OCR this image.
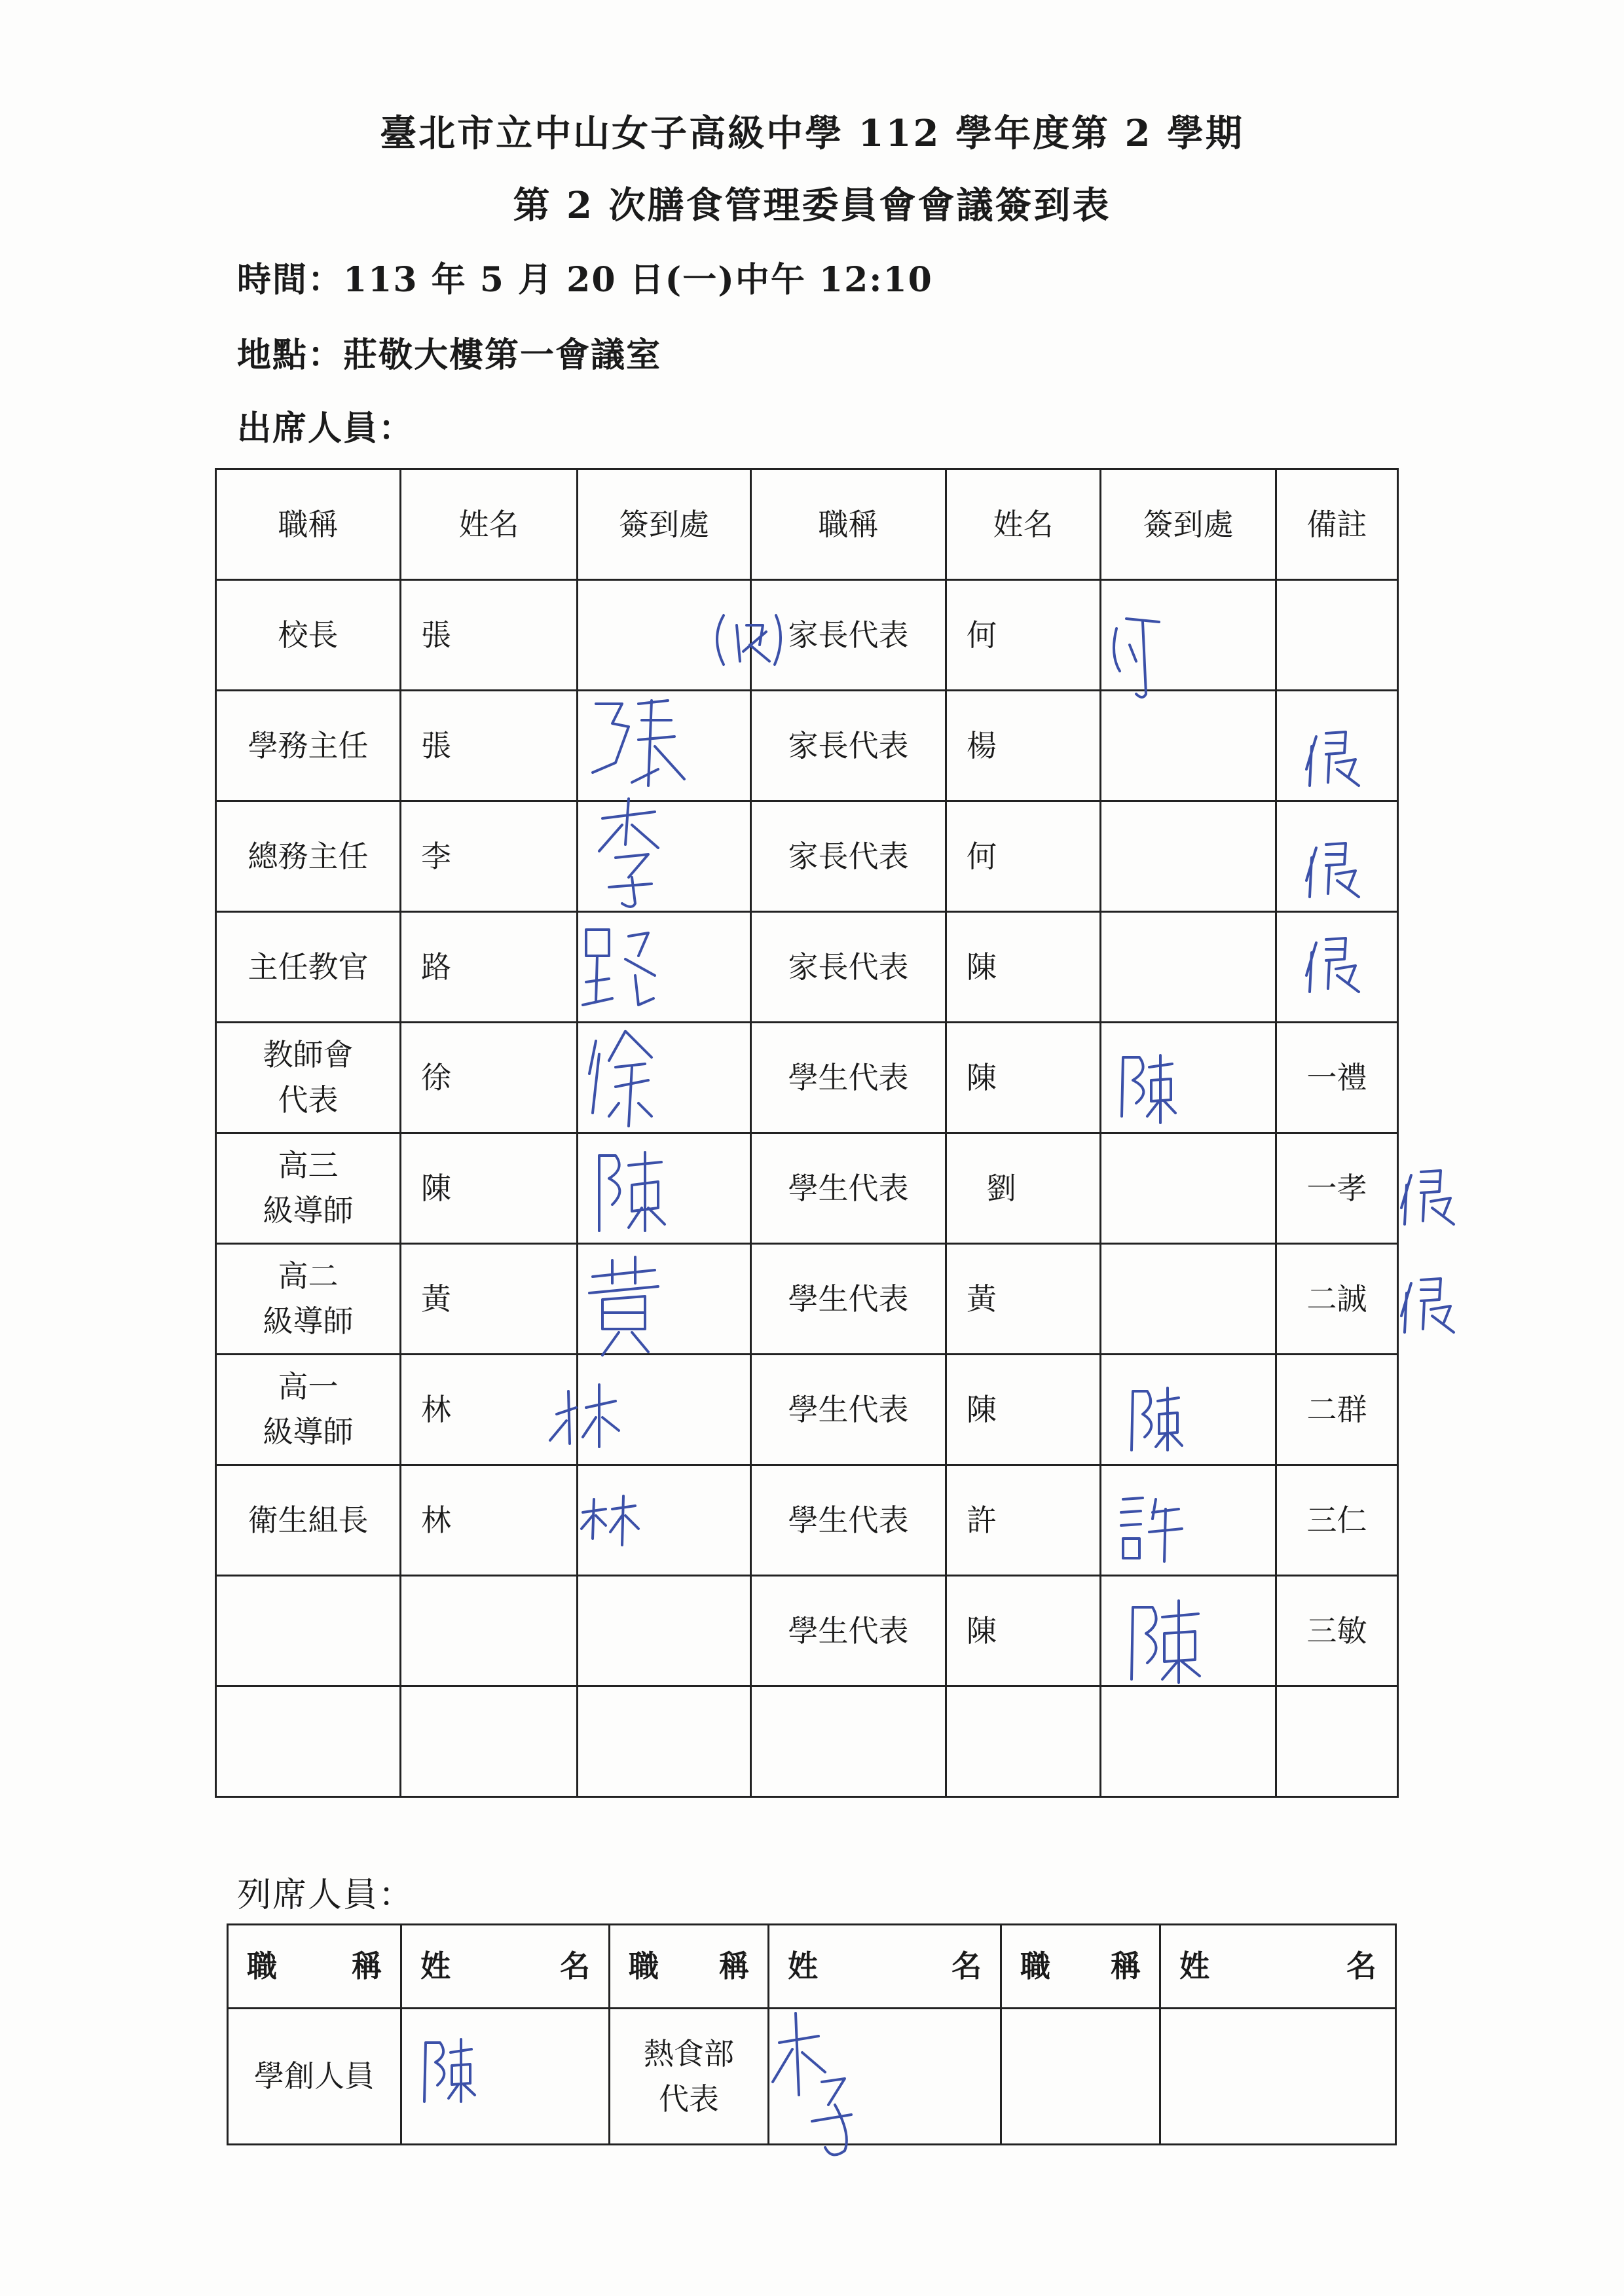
臺北市立中山女子高級中學 112 學年度第 2 學期
第 2 次膳食管理委員會會議簽到表
時間：113 年 5 月 20 日(一)中午 12:10
地點：莊敬大樓第一會議室
出席人員：
職稱	姓名	簽到處	職稱	姓名	簽到處	備註
校長	張		家長代表	何		
學務主任	張		家長代表	楊		
總務主任	李		家長代表	何		
主任教官	路		家長代表	陳		

教師會
代表	徐		學生代表	陳		一禮

高三
級導師	陳		學生代表	劉		一孝

高二
級導師	黃		學生代表	黃		二誠

高一
級導師	林		學生代表	陳		二群
衛生組長	林		學生代表	許		三仁
			學生代表	陳		三敏

列席人員：
職 稱	姓 名	職 稱	姓 名	職 稱	姓 名

學創人員		熱食部
代表			
